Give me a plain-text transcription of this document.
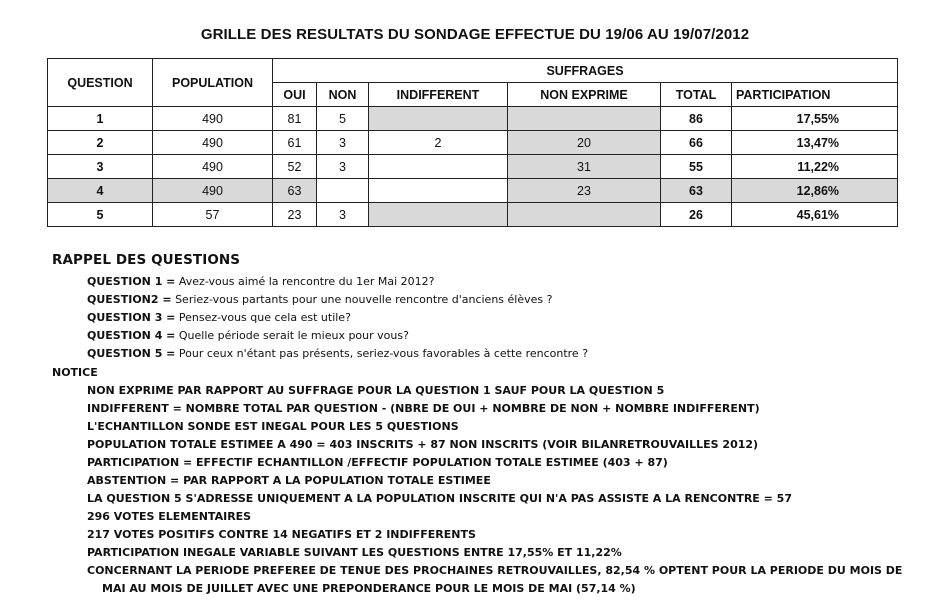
GRILLE DES RESULTATS DU SONDAGE EFFECTUE DU 19/06 AU 19/07/2012
QUESTION	POPULATION	SUFFRAGES					
		OUI	NON	INDIFFERENT	NON EXPRIME	TOTAL	PARTICIPATION
1	490	81	5			86	17,55%
2	490	61	3	2	20	66	13,47%
3	490	52	3		31	55	11,22%
4	490	63			23	63	12,86%
5	57	23	3			26	45,61%
RAPPEL DES QUESTIONS
QUESTION 1 = Avez-vous aimé la rencontre du 1er Mai 2012?
QUESTION2 = Seriez-vous partants pour une nouvelle rencontre d'anciens élèves ?
QUESTION 3 = Pensez-vous que cela est utile?
QUESTION 4 = Quelle période serait le mieux pour vous?
QUESTION 5 = Pour ceux n'étant pas présents, seriez-vous favorables à cette rencontre ?
NOTICE
NON EXPRIME PAR RAPPORT AU SUFFRAGE POUR LA QUESTION 1 SAUF POUR LA QUESTION 5
INDIFFERENT = NOMBRE TOTAL PAR QUESTION - (NBRE DE OUI + NOMBRE DE NON + NOMBRE INDIFFERENT)
L'ECHANTILLON SONDE EST INEGAL POUR LES 5 QUESTIONS
POPULATION TOTALE ESTIMEE A 490 = 403 INSCRITS + 87 NON INSCRITS (VOIR BILANRETROUVAILLES 2012)
PARTICIPATION = EFFECTIF ECHANTILLON /EFFECTIF POPULATION TOTALE ESTIMEE (403 + 87)
ABSTENTION = PAR RAPPORT A LA POPULATION TOTALE ESTIMEE
LA QUESTION 5 S'ADRESSE UNIQUEMENT A LA POPULATION INSCRITE QUI N'A PAS ASSISTE A LA RENCONTRE = 57
296 VOTES ELEMENTAIRES
217 VOTES POSITIFS CONTRE 14 NEGATIFS ET 2 INDIFFERENTS
PARTICIPATION INEGALE VARIABLE SUIVANT LES QUESTIONS ENTRE 17,55% ET 11,22%
CONCERNANT LA PERIODE PREFEREE DE TENUE DES PROCHAINES RETROUVAILLES, 82,54 % OPTENT POUR LA PERIODE DU MOIS DE
MAI AU MOIS DE JUILLET AVEC UNE PREPONDERANCE POUR LE MOIS DE MAI (57,14 %)
